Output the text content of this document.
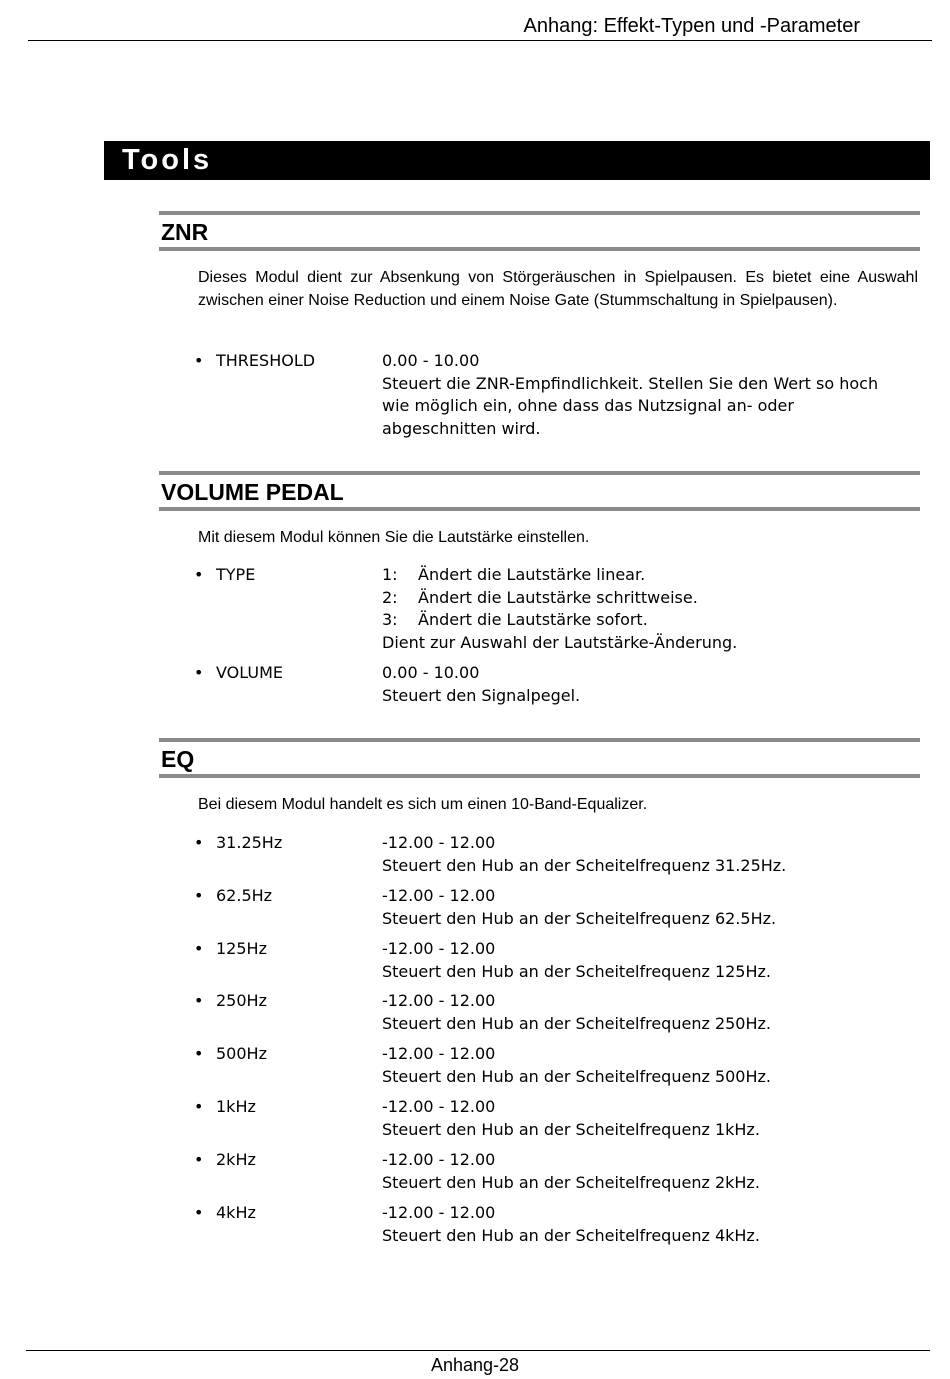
Anhang: Effekt-Typen und -Parameter
Tools
ZNR
Dieses Modul dient zur Absenkung von Störgeräuschen in Spielpausen. Es bietet eine Auswahl zwischen einer Noise Reduction und einem Noise Gate (Stummschaltung in Spielpausen).
• THRESHOLD	0.00 - 10.00
Steuert die ZNR-Empfindlichkeit. Stellen Sie den Wert so hoch
wie möglich ein, ohne dass das Nutzsignal an- oder
abgeschnitten wird.
VOLUME PEDAL
Mit diesem Modul können Sie die Lautstärke einstellen.
• TYPE	1: Ändert die Lautstärke linear.
2: Ändert die Lautstärke schrittweise.
3: Ändert die Lautstärke sofort.
Dient zur Auswahl der Lautstärke-Änderung.
• VOLUME	0.00 - 10.00
Steuert den Signalpegel.
EQ
Bei diesem Modul handelt es sich um einen 10-Band-Equalizer.
• 31.25Hz	-12.00 - 12.00
Steuert den Hub an der Scheitelfrequenz 31.25Hz.
• 62.5Hz	-12.00 - 12.00
Steuert den Hub an der Scheitelfrequenz 62.5Hz.
• 125Hz	-12.00 - 12.00
Steuert den Hub an der Scheitelfrequenz 125Hz.
• 250Hz	-12.00 - 12.00
Steuert den Hub an der Scheitelfrequenz 250Hz.
• 500Hz	-12.00 - 12.00
Steuert den Hub an der Scheitelfrequenz 500Hz.
• 1kHz	-12.00 - 12.00
Steuert den Hub an der Scheitelfrequenz 1kHz.
• 2kHz	-12.00 - 12.00
Steuert den Hub an der Scheitelfrequenz 2kHz.
• 4kHz	-12.00 - 12.00
Steuert den Hub an der Scheitelfrequenz 4kHz.
Anhang-28
